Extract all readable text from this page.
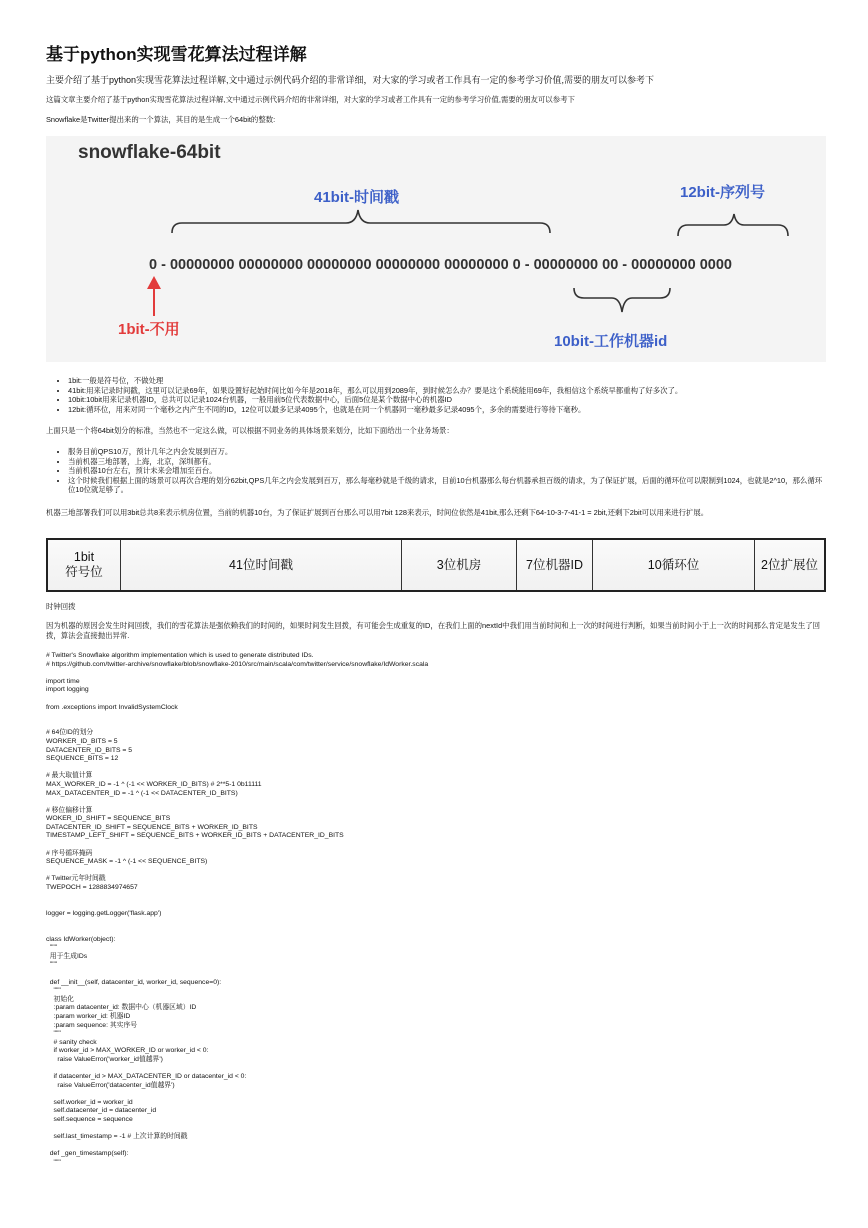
基于python实现雪花算法过程详解

主要介绍了基于python实现雪花算法过程详解,文中通过示例代码介绍的非常详细，对大家的学习或者工作具有一定的参考学习价值,需要的朋友可以参考下

这篇文章主要介绍了基于python实现雪花算法过程详解,文中通过示例代码介绍的非常详细，对大家的学习或者工作具有一定的参考学习价值,需要的朋友可以参考下

Snowflake是Twitter提出来的一个算法，其目的是生成一个64bit的整数:

snowflake-64bit
41bit-时间戳	12bit-序列号
0 - 00000000 00000000 00000000 00000000 00000000 0 - 00000000 00 - 00000000 0000
1bit-不用
10bit-工作机器id
• 1bit:一般是符号位，不做处理
• 41bit:用来记录时间戳，这里可以记录69年，如果设置好起始时间比如今年是2018年，那么可以用到2089年，到时候怎么办？要是这个系统能用69年，我相信这个系统早都重构了好多次了。
• 10bit:10bit用来记录机器ID，总共可以记录1024台机器，一般用前5位代表数据中心，后面5位是某个数据中心的机器ID
• 12bit:循环位，用来对同一个毫秒之内产生不同的ID，12位可以最多记录4095个，也就是在同一个机器同一毫秒最多记录4095个，多余的需要进行等待下毫秒。

上面只是一个将64bit划分的标准，当然也不一定这么做，可以根据不同业务的具体场景来划分，比如下面给出一个业务场景：

• 服务目前QPS10万，预计几年之内会发展到百万。
• 当前机器三地部署，上海，北京，深圳都有。
• 当前机器10台左右，预计未来会增加至百台。
• 这个时候我们根据上面的场景可以再次合理的划分62bit,QPS几年之内会发展到百万，那么每毫秒就是千级的请求，目前10台机器那么每台机器承担百级的请求，为了保证扩展，后面的循环位可以限制到1024，也就是2^10，那么循环位10位就足够了。

机器三地部署我们可以用3bit总共8来表示机房位置，当前的机器10台，为了保证扩展到百台那么可以用7bit 128来表示，时间位依然是41bit,那么还剩下64-10-3-7-41-1 = 2bit,还剩下2bit可以用来进行扩展。

1bit
符号位
41位时间戳	3位机房	7位机器ID	10循环位	2位扩展位

时钟回拨

因为机器的原因会发生时间回拨，我们的雪花算法是强依赖我们的时间的，如果时间发生回拨，有可能会生成重复的ID，在我们上面的nextId中我们用当前时间和上一次的时间进行判断，如果当前时间小于上一次的时间那么肯定是发生了回拨，算法会直接抛出异常.

# Twitter's Snowflake algorithm implementation which is used to generate distributed IDs.
# https://github.com/twitter-archive/snowflake/blob/snowflake-2010/src/main/scala/com/twitter/service/snowflake/IdWorker.scala

import time
import logging

from .exceptions import InvalidSystemClock

# 64位ID的划分
WORKER_ID_BITS = 5
DATACENTER_ID_BITS = 5
SEQUENCE_BITS = 12

# 最大取值计算
MAX_WORKER_ID = -1 ^ (-1 << WORKER_ID_BITS) # 2**5-1 0b11111
MAX_DATACENTER_ID = -1 ^ (-1 << DATACENTER_ID_BITS)

# 移位偏移计算
WOKER_ID_SHIFT = SEQUENCE_BITS
DATACENTER_ID_SHIFT = SEQUENCE_BITS + WORKER_ID_BITS
TIMESTAMP_LEFT_SHIFT = SEQUENCE_BITS + WORKER_ID_BITS + DATACENTER_ID_BITS

# 序号循环掩码
SEQUENCE_MASK = -1 ^ (-1 << SEQUENCE_BITS)

# Twitter元年时间戳
TWEPOCH = 1288834974657

logger = logging.getLogger('flask.app')

class IdWorker(object):
"""
用于生成IDs
"""

def __init__(self, datacenter_id, worker_id, sequence=0):
"""
初始化
:param datacenter_id: 数据中心（机器区域）ID
:param worker_id: 机器ID
:param sequence: 其实序号
"""
# sanity check
if worker_id > MAX_WORKER_ID or worker_id < 0:
raise ValueError('worker_id值越界')

if datacenter_id > MAX_DATACENTER_ID or datacenter_id < 0:
raise ValueError('datacenter_id值越界')

self.worker_id = worker_id
self.datacenter_id = datacenter_id
self.sequence = sequence

self.last_timestamp = -1 # 上次计算的时间戳

def _gen_timestamp(self):
"""
